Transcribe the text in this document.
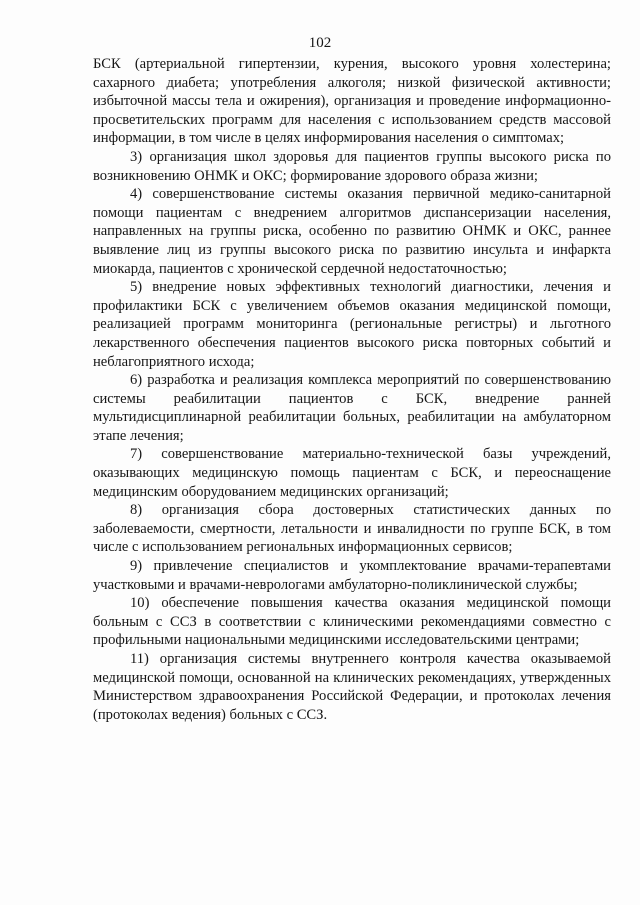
102

БСК (артериальной гипертензии, курения, высокого уровня холестерина; сахарного диабета; употребления алкоголя; низкой физической активности; избыточной массы тела и ожирения), организация и проведение информационно-просветительских программ для населения с использованием средств массовой информации, в том числе в целях информирования населения о симптомах;

3) организация школ здоровья для пациентов группы высокого риска по возникновению ОНМК и ОКС; формирование здорового образа жизни;

4) совершенствование системы оказания первичной медико-санитарной помощи пациентам с внедрением алгоритмов диспансеризации населения, направленных на группы риска, особенно по развитию ОНМК и ОКС, раннее выявление лиц из группы высокого риска по развитию инсульта и инфаркта миокарда, пациентов с хронической сердечной недостаточностью;

5) внедрение новых эффективных технологий диагностики, лечения и профилактики БСК с увеличением объемов оказания медицинской помощи, реализацией программ мониторинга (региональные регистры) и льготного лекарственного обеспечения пациентов высокого риска повторных событий и неблагоприятного исхода;

6) разработка и реализация комплекса мероприятий по совершенствованию системы реабилитации пациентов с БСК, внедрение ранней мультидисциплинарной реабилитации больных, реабилитации на амбулаторном этапе лечения;

7) совершенствование материально-технической базы учреждений, оказывающих медицинскую помощь пациентам с БСК, и переоснащение медицинским оборудованием медицинских организаций;

8) организация сбора достоверных статистических данных по заболеваемости, смертности, летальности и инвалидности по группе БСК, в том числе с использованием региональных информационных сервисов;

9) привлечение специалистов и укомплектование врачами-терапевтами участковыми и врачами-неврологами амбулаторно-поликлинической службы;

10) обеспечение повышения качества оказания медицинской помощи больным с ССЗ в соответствии с клиническими рекомендациями совместно с профильными национальными медицинскими исследовательскими центрами;

11) организация системы внутреннего контроля качества оказываемой медицинской помощи, основанной на клинических рекомендациях, утвержденных Министерством здравоохранения Российской Федерации, и протоколах лечения (протоколах ведения) больных с ССЗ.
